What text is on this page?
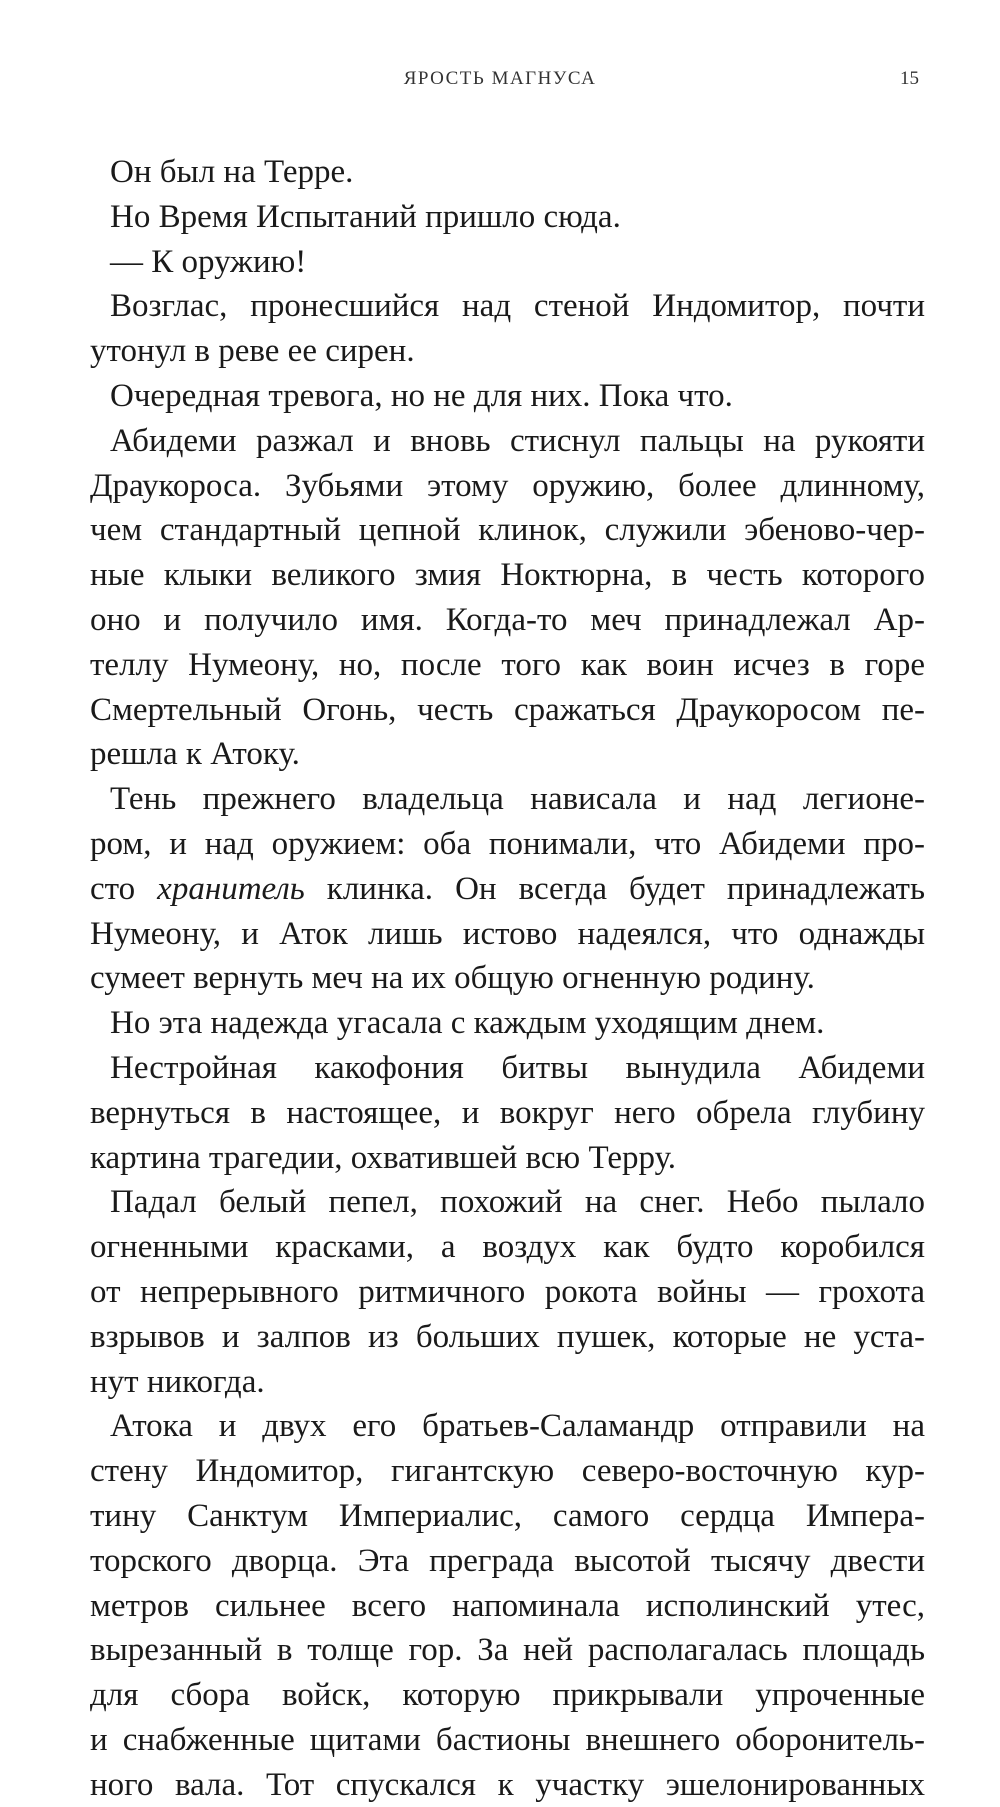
ЯРОСТЬ МАГНУСА	15
Он был на Терре.
Но Время Испытаний пришло сюда.
— К оружию!
Возглас, пронесшийся над стеной Индомитор, почти
утонул в реве ее сирен.
Очередная тревога, но не для них. Пока что.
Абидеми разжал и вновь стиснул пальцы на рукояти
Драукороса. Зубьями этому оружию, более длинному,
чем стандартный цепной клинок, служили эбеново-чер-
ные клыки великого змия Ноктюрна, в честь которого
оно и получило имя. Когда-то меч принадлежал Ар-
теллу Нумеону, но, после того как воин исчез в горе
Смертельный Огонь, честь сражаться Драукоросом пе-
решла к Атоку.
Тень прежнего владельца нависала и над легионе-
ром, и над оружием: оба понимали, что Абидеми про-
сто хранитель клинка. Он всегда будет принадлежать
Нумеону, и Аток лишь истово надеялся, что однажды
сумеет вернуть меч на их общую огненную родину.
Но эта надежда угасала с каждым уходящим днем.
Нестройная какофония битвы вынудила Абидеми
вернуться в настоящее, и вокруг него обрела глубину
картина трагедии, охватившей всю Терру.
Падал белый пепел, похожий на снег. Небо пылало
огненными красками, а воздух как будто коробился
от непрерывного ритмичного рокота войны — грохота
взрывов и залпов из больших пушек, которые не уста-
нут никогда.
Атока и двух его братьев-Саламандр отправили на
стену Индомитор, гигантскую северо-восточную кур-
тину Санктум Империалис, самого сердца Импера-
торского дворца. Эта преграда высотой тысячу двести
метров сильнее всего напоминала исполинский утес,
вырезанный в толще гор. За ней располагалась площадь
для сбора войск, которую прикрывали упроченные
и снабженные щитами бастионы внешнего оборонитель-
ного вала. Тот спускался к участку эшелонированных
